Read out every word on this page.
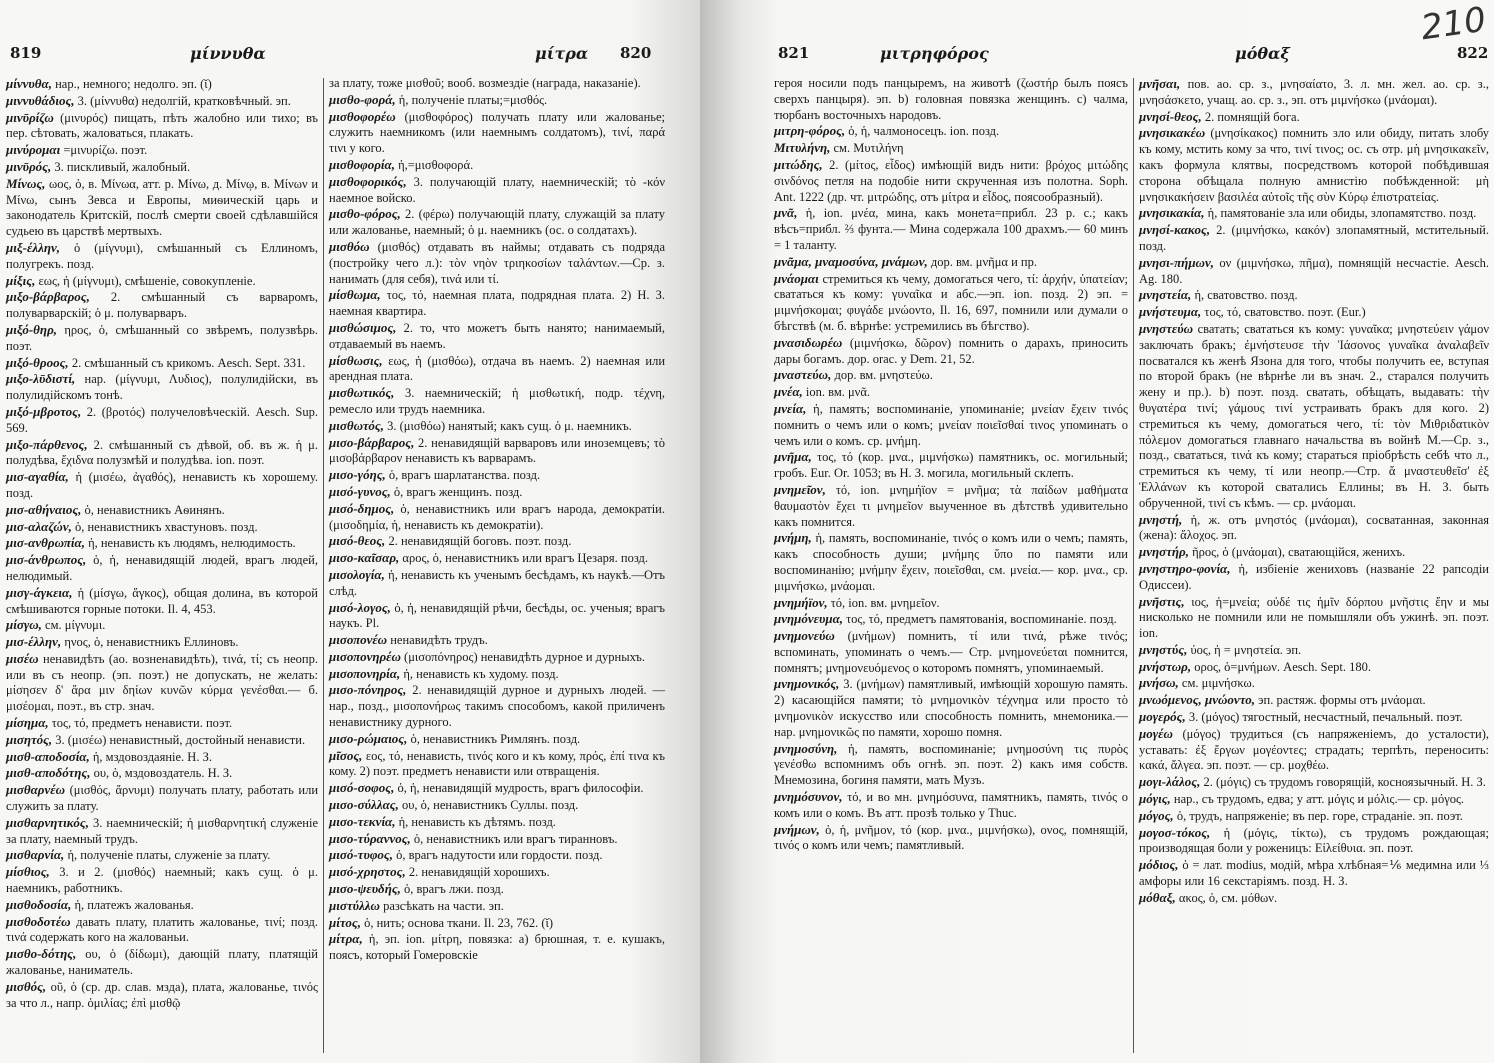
819	μίννυθα	μίτρα 820

μίννυθα, нар., немного; недолго. эп. (ῐ)

μιννυθάδιος, 3. (μίννυθα) недолгій, кратковѣчный. эп.

μινῡρίζω (μινυρός) пищать, пѣть жалобно или тихо; въ пер. сѣтовать, жаловаться, плакать.

μινύρομαι =μινυρίζω. поэт.

μινῡρός, 3. пискливый, жалобный.

Μίνως, ωος, ὁ, в. Μίνωα, атт. р. Μίνω, д. Μίνῳ, в. Μίνων и Μίνω, сынъ Зевса и Европы, миѳическій царь и законодатель Критскій, послѣ смерти своей сдѣлавшійся судьею въ царствѣ мертвыхъ.

μιξ-έλλην, ὁ (μίγνυμι), смѣшанный съ Еллиномъ, полугрекъ. позд.

μίξις, εως, ἡ (μίγνυμι), смѣшеніе, совокупленіе.

μιξο-βάρβαρος, 2. смѣшанный съ варваромъ, полуварварскій; ὁ μ. полуварваръ.

μιξό-θηρ, ηρος, ὁ, смѣшанный со звѣремъ, полузвѣрь. поэт.

μιξό-θροος, 2. смѣшанный съ крикомъ. Aesch. Sept. 331.

μιξο-λῡδιστί, нар. (μίγνυμι, Λυδιος), полулидійски, въ полулидійскомъ тонѣ.

μιξό-μβροτος, 2. (βροτός) получеловѣческій. Aesch. Sup. 569.

μιξο-πάρθενος, 2. смѣшанный съ дѣвой, об. въ ж. ἡ μ. полудѣва, ἔχιδνα полузмѣй и полудѣва. ion. поэт.

μισ-αγαθία, ἡ (μισέω, ἀγαθός), ненависть къ хорошему. позд.

μισ-αθήναιος, ὁ, ненавистникъ Аѳинянъ.

μισ-αλαζών, ὁ, ненавистникъ хвастуновъ. позд.

μισ-ανθρωπία, ἡ, ненависть къ людямъ, нелюдимость.

μισ-άνθρωπος, ὁ, ἡ, ненавидящій людей, врагъ людей, нелюдимый.

μισγ-άγκεια, ἡ (μίσγω, ἄγκος), общая долина, въ которой смѣшиваются горные потоки. Il. 4, 453.

μίσγω, см. μίγνυμι.

μισ-έλλην, ηνος, ὁ, ненавистникъ Еллиновъ.

μισέω ненавидѣть (ао. возненавидѣть), τινά, τί; съ неопр. или въ съ неопр. (эп. поэт.) не допускать, не желать: μίσησεν δ' ἄρα μιν δηίων κυνῶν κύρμα γενέσθαι.— б. μισέομαι, поэт., въ стр. знач.

μίσημα, τος, τό, предметъ ненависти. поэт.

μισητός, 3. (μισέω) ненавистный, достойный ненависти.

μισθ-αποδοσία, ἡ, мздовоздаяніе. Н. З.

μισθ-αποδότης, ου, ὁ, мздовоздатель. Н. З.

μισθαρνέω (μισθός, ἄρνυμι) получать плату, работать или служить за плату.

μισθαρνητικός, 3. наемническій; ἡ μισθαρνητική служеніе за плату, наемный трудъ.

μισθαρνία, ἡ, полученіе платы, служеніе за плату.

μίσθιος, 3. и 2. (μισθός) наемный; какъ сущ. ὁ μ. наемникъ, работникъ.

μισθοδοσία, ἡ, платежъ жалованья.

μισθοδοτέω давать плату, платить жалованье, τινί; позд. τινά содержать кого на жалованьи.

μισθο-δότης, ου, ὁ (δίδωμι), дающій плату, платящій жалованье, наниматель.

μισθός, οῦ, ὁ (ср. др. слав. мзда), плата, жалованье, τινός за что л., напр. ὁμιλίας; ἐπὶ μισθῷ

за плату, тоже μισθοῦ; вооб. возмездіе (награда, наказаніе).

μισθο-φορά, ἡ, полученіе платы;=μισθός.

μισθοφορέω (μισθοφόρος) получать плату или жалованье; служить наемникомъ (или наемнымъ солдатомъ), τινί, παρά τινι у кого.

μισθοφορία, ἡ,=μισθοφορά.

μισθοφορικός, 3. получающій плату, наемническій; τὸ -κόν наемное войско.

μισθο-φόρος, 2. (φέρω) получающій плату, служащій за плату или жалованье, наемный; ὁ μ. наемникъ (ос. о солдатахъ).

μισθόω (μισθός) отдавать въ наймы; отдавать съ подряда (постройку чего л.): τὸν νηὸν τριηκοσίων ταλάντων.—Ср. з. нанимать (для себя), τινά или τί.

μίσθωμα, τος, τό, наемная плата, подрядная плата. 2) Н. З. наемная квартира.

μισθώσιμος, 2. то, что можетъ быть нанято; нанимаемый, отдаваемый въ наемъ.

μίσθωσις, εως, ἡ (μισθόω), отдача въ наемъ. 2) наемная или арендная плата.

μισθωτικός, 3. наемническій; ἡ μισθωτική, подр. τέχνη, ремесло или трудъ наемника.

μισθωτός, 3. (μισθόω) нанятый; какъ сущ. ὁ μ. наемникъ.

μισο-βάρβαρος, 2. ненавидящій варваровъ или иноземцевъ; τὸ μισοβάρβαρον ненависть къ варварамъ.

μισο-γόης, ὁ, врагъ шарлатанства. позд.

μισό-γυνος, ὁ, врагъ женщинъ. позд.

μισό-δημος, ὁ, ненавистникъ или врагъ народа, демократіи. (μισοδημία, ἡ, ненависть къ демократіи).

μισό-θεος, 2. ненавидящій боговъ. поэт. позд.

μισο-καῖσαρ, αρος, ὁ, ненавистникъ или врагъ Цезаря. позд.

μισολογία, ἡ, ненависть къ ученымъ бесѣдамъ, къ наукѣ.—Отъ слѣд.

μισό-λογος, ὁ, ἡ, ненавидящій рѣчи, бесѣды, ос. ученыя; врагъ наукъ. Pl.

μισοπονέω ненавидѣть трудъ.

μισοπονηρέω (μισοπόνηρος) ненавидѣть дурное и дурныхъ.

μισοπονηρία, ἡ, ненависть къ худому. позд.

μισο-πόνηρος, 2. ненавидящій дурное и дурныхъ людей. — нар., позд., μισοπονήρως такимъ способомъ, какой приличенъ ненавистнику дурного.

μισο-ρώμαιος, ὁ, ненавистникъ Римлянъ. позд.

μῖσος, εος, τό, ненависть, τινός кого и къ кому, πρός, ἐπί τινα къ кому. 2) поэт. предметъ ненависти или отвращенія.

μισό-σοφος, ὁ, ἡ, ненавидящій мудрость, врагъ философіи.

μισο-σύλλας, ου, ὁ, ненавистникъ Суллы. позд.

μισο-τεκνία, ἡ, ненависть къ дѣтямъ. позд.

μισο-τύραννος, ὁ, ненавистникъ или врагъ тиранновъ.

μισό-τυφος, ὁ, врагъ надутости или гордости. позд.

μισό-χρηστος, 2. ненавидящій хорошихъ.

μισο-ψευδής, ὁ, врагъ лжи. позд.

μιστύλλω разсѣкать на части. эп.

μίτος, ὁ, нить; основа ткани. Il. 23, 762. (ῐ)

μίτρα, ἡ, эп. ion. μίτρη, повязка: а) брюшная, т. е. кушакъ, поясъ, который Гомеровскіе

821	μιτρηφόρος	μόθαξ	822
210

героя носили подъ панцыремъ, на животѣ (ζωστήρ былъ поясъ сверхъ панцыря). эп. b) головная повязка женщинъ. c) чалма, тюрбанъ восточныхъ народовъ.

μιτρη-φόρος, ὁ, ἡ, чалмоносецъ. ion. позд.

Μιτυλήνη, см. Μυτιλήνη

μιτώδης, 2. (μίτος, εἶδος) имѣющій видъ нити: βρόχος μιτώδης σινδόνος петля на подобіе нити скрученная изъ полотна. Soph. Ant. 1222 (др. чт. μιτρώδης, отъ μίτρα и εἶδος, поясообразный).

μνᾶ, ἡ, ion. μνέα, мина, какъ монета=прибл. 23 р. с.; какъ вѣсъ=прибл. ⅔ фунта.— Мина содержала 100 драхмъ.— 60 минъ = 1 таланту.

μνᾶμα, μναμοσύνα, μνάμων, дор. вм. μνῆμα и пр.

μνάομαι стремиться къ чему, домогаться чего, τί: ἀρχήν, ὑπατείαν; свататься къ кому: γυναῖκα и абс.—эп. ion. позд. 2) эп. = μιμνήσκομαι; φυγάδε μνώοντο, Il. 16, 697, помнили или думали о бѣгствѣ (м. б. вѣрнѣе: устремились въ бѣгство).

μνασιδωρέω (μιμνήσκω, δῶρον) помнить о дарахъ, приносить дары богамъ. дор. orac. у Dem. 21, 52.

μναστεύω, дор. вм. μνηστεύω.

μνέα, ion. вм. μνᾶ.

μνεία, ἡ, память; воспоминаніе, упоминаніе; μνείαν ἔχειν τινός помнить о чемъ или о комъ; μνείαν ποιεῖσθαί τινος упоминать о чемъ или о комъ. ср. μνήμη.

μνῆμα, τος, τό (кор. μνα., μιμνήσκω) памятникъ, ос. могильный; гробъ. Eur. Or. 1053; въ Н. З. могила, могильный склепъ.

μνημεῖον, τό, ion. μνημήϊον = μνῆμα; τὰ παίδων μαθήματα θαυμαστὸν ἔχει τι μνημεῖον выученное въ дѣтствѣ удивительно какъ помнится.

μνήμη, ἡ, память, воспоминаніе, τινός о комъ или о чемъ; память, какъ способность души; μνήμης ὕπο по памяти или воспоминанію; μνήμην ἔχειν, ποιεῖσθαι, см. μνεία.— кор. μνα., ср. μιμνήσκω, μνάομαι.

μνημήϊον, τό, ion. вм. μνημεῖον.

μνημόνευμα, τος, τό, предметъ памятованія, воспоминаніе. позд.

μνημονεύω (μνήμων) помнить, τί или τινά, рѣже τινός; вспоминать, упоминать о чемъ.— Стр. μνημονεύεται помнится, помнятъ; μνημονευόμενος о которомъ помнятъ, упоминаемый.

μνημονικός, 3. (μνήμων) памятливый, имѣющій хорошую память. 2) касающійся памяти; τὸ μνημονικὸν τέχνημα или просто τὸ μνημονικὸν искусство или способность помнить, мнемоника.— нар. μνημονικῶς по памяти, хорошо помня.

μνημοσύνη, ἡ, память, воспоминаніе; μνημοσύνη τις πυρὸς γενέσθω вспомнимъ объ огнѣ. эп. поэт. 2) какъ имя собств. Мнемозина, богиня памяти, мать Музъ.

μνημόσυνον, τό, и во мн. μνημόσυνα, памятникъ, память, τινός о комъ или о комъ. Въ атт. прозѣ только у Thuc.

μνήμων, ὁ, ἡ, μνῆμον, τό (кор. μνα., μιμνήσκω), ονος, помнящій, τινός о комъ или чемъ; памятливый.

μνῆσαι, пов. ао. ср. з., μνησαίατο, 3. л. мн. жел. ао. ср. з., μνησάσκετο, учащ. ао. ср. з., эп. отъ μιμνήσκω (μνάομαι).

μνησί-θεος, 2. помнящій бога.

μνησικακέω (μνησίκακος) помнить зло или обиду, питать злобу къ кому, мстить кому за что, τινί τινος; ос. съ отр. μὴ μνησικακεῖν, какъ формула клятвы, посредствомъ которой побѣдившая сторона обѣщала полную амнистію побѣжденной: μὴ μνησικακήσειν βασιλέα αὐτοῖς τῆς σὺν Κύρῳ ἐπιστρατείας.

μνησικακία, ἡ, памятованіе зла или обиды, злопамятство. позд.

μνησί-κακος, 2. (μιμνήσκω, κακόν) злопамятный, мстительный. позд.

μνησι-πήμων, ον (μιμνήσκω, πῆμα), помнящій несчастіе. Aesch. Ag. 180.

μνηστεία, ἡ, сватовство. позд.

μνήστευμα, τος, τό, сватовство. поэт. (Eur.)

μνηστεύω сватать; свататься къ кому: γυναῖκα; μνηστεύειν γάμον заключать бракъ; ἐμνήστευσε τὴν Ἰάσονος γυναῖκα ἀναλαβεῖν посватался къ женѣ Язона для того, чтобы получить ее, вступая по второй бракъ (не вѣрнѣе ли въ знач. 2., старался получить жену и пр.). b) поэт. позд. сватать, обѣщать, выдавать: τὴν θυγατέρα τινί; γάμους τινί устраивать бракъ для кого. 2) стремиться къ чему, домогаться чего, τί: τὸν Μιθριδατικὸν πόλεμον домогаться главнаго начальства въ войнѣ М.—Ср. з., позд., свататься, τινά къ кому; стараться пріобрѣсть себѣ что л., стремиться къ чему, τί или неопр.—Стр. ἅ μναστευθεῖσ' ἐξ Ἑλλάνων къ которой сватались Еллины; въ Н. З. быть обрученной, τινί съ кѣмъ. — ср. μνάομαι.

μνηστή, ἡ, ж. отъ μνηστός (μνάομαι), сосватанная, законная (жена): ἄλοχος. эп.

μνηστήρ, ῆρος, ὁ (μνάομαι), сватающійся, женихъ.

μνηστηρο-φονία, ἡ, избіеніе жениховъ (названіе 22 рапсодіи Одиссеи).

μνῆστις, ιος, ἡ=μνεία; οὐδέ τις ἡμῖν δόρπου μνῆστις ἔην и мы нисколько не помнили или не помышляли объ ужинѣ. эп. поэт. ion.

μνηστύς, ύος, ἡ = μνηστεία. эп.

μνήστωρ, ορος, ὁ=μνήμων. Aesch. Sept. 180.

μνήσω, см. μιμνήσκω.

μνωόμενος, μνώοντο, эп. растяж. формы отъ μνάομαι.

μογερός, 3. (μόγος) тягостный, несчастный, печальный. поэт.

μογέω (μόγος) трудиться (съ напряженіемъ, до усталости), уставать: ἐξ ἔργων μογέοντες; страдать; терпѣть, переносить: κακά, ἄλγεα. эп. поэт. — ср. μοχθέω.

μογι-λάλος, 2. (μόγις) съ трудомъ говорящій, косноязычный. Н. З.

μόγις, нар., съ трудомъ, едва; у атт. μόγις и μόλις.— ср. μόγος.

μόγος, ὁ, трудъ, напряженіе; въ пер. горе, страданіе. эп. поэт.

μογοσ-τόκος, ἡ (μόγις, τίκτω), съ трудомъ рождающая; производящая боли у роженицъ: Εἰλείθυια. эп. поэт.

μόδιος, ὁ = лат. modius, модій, мѣра хлѣбная=⅙ медимна или ⅓ амфоры или 16 секстаріямъ. позд. Н. З.

μόθαξ, ακος, ὁ, см. μόθων.
